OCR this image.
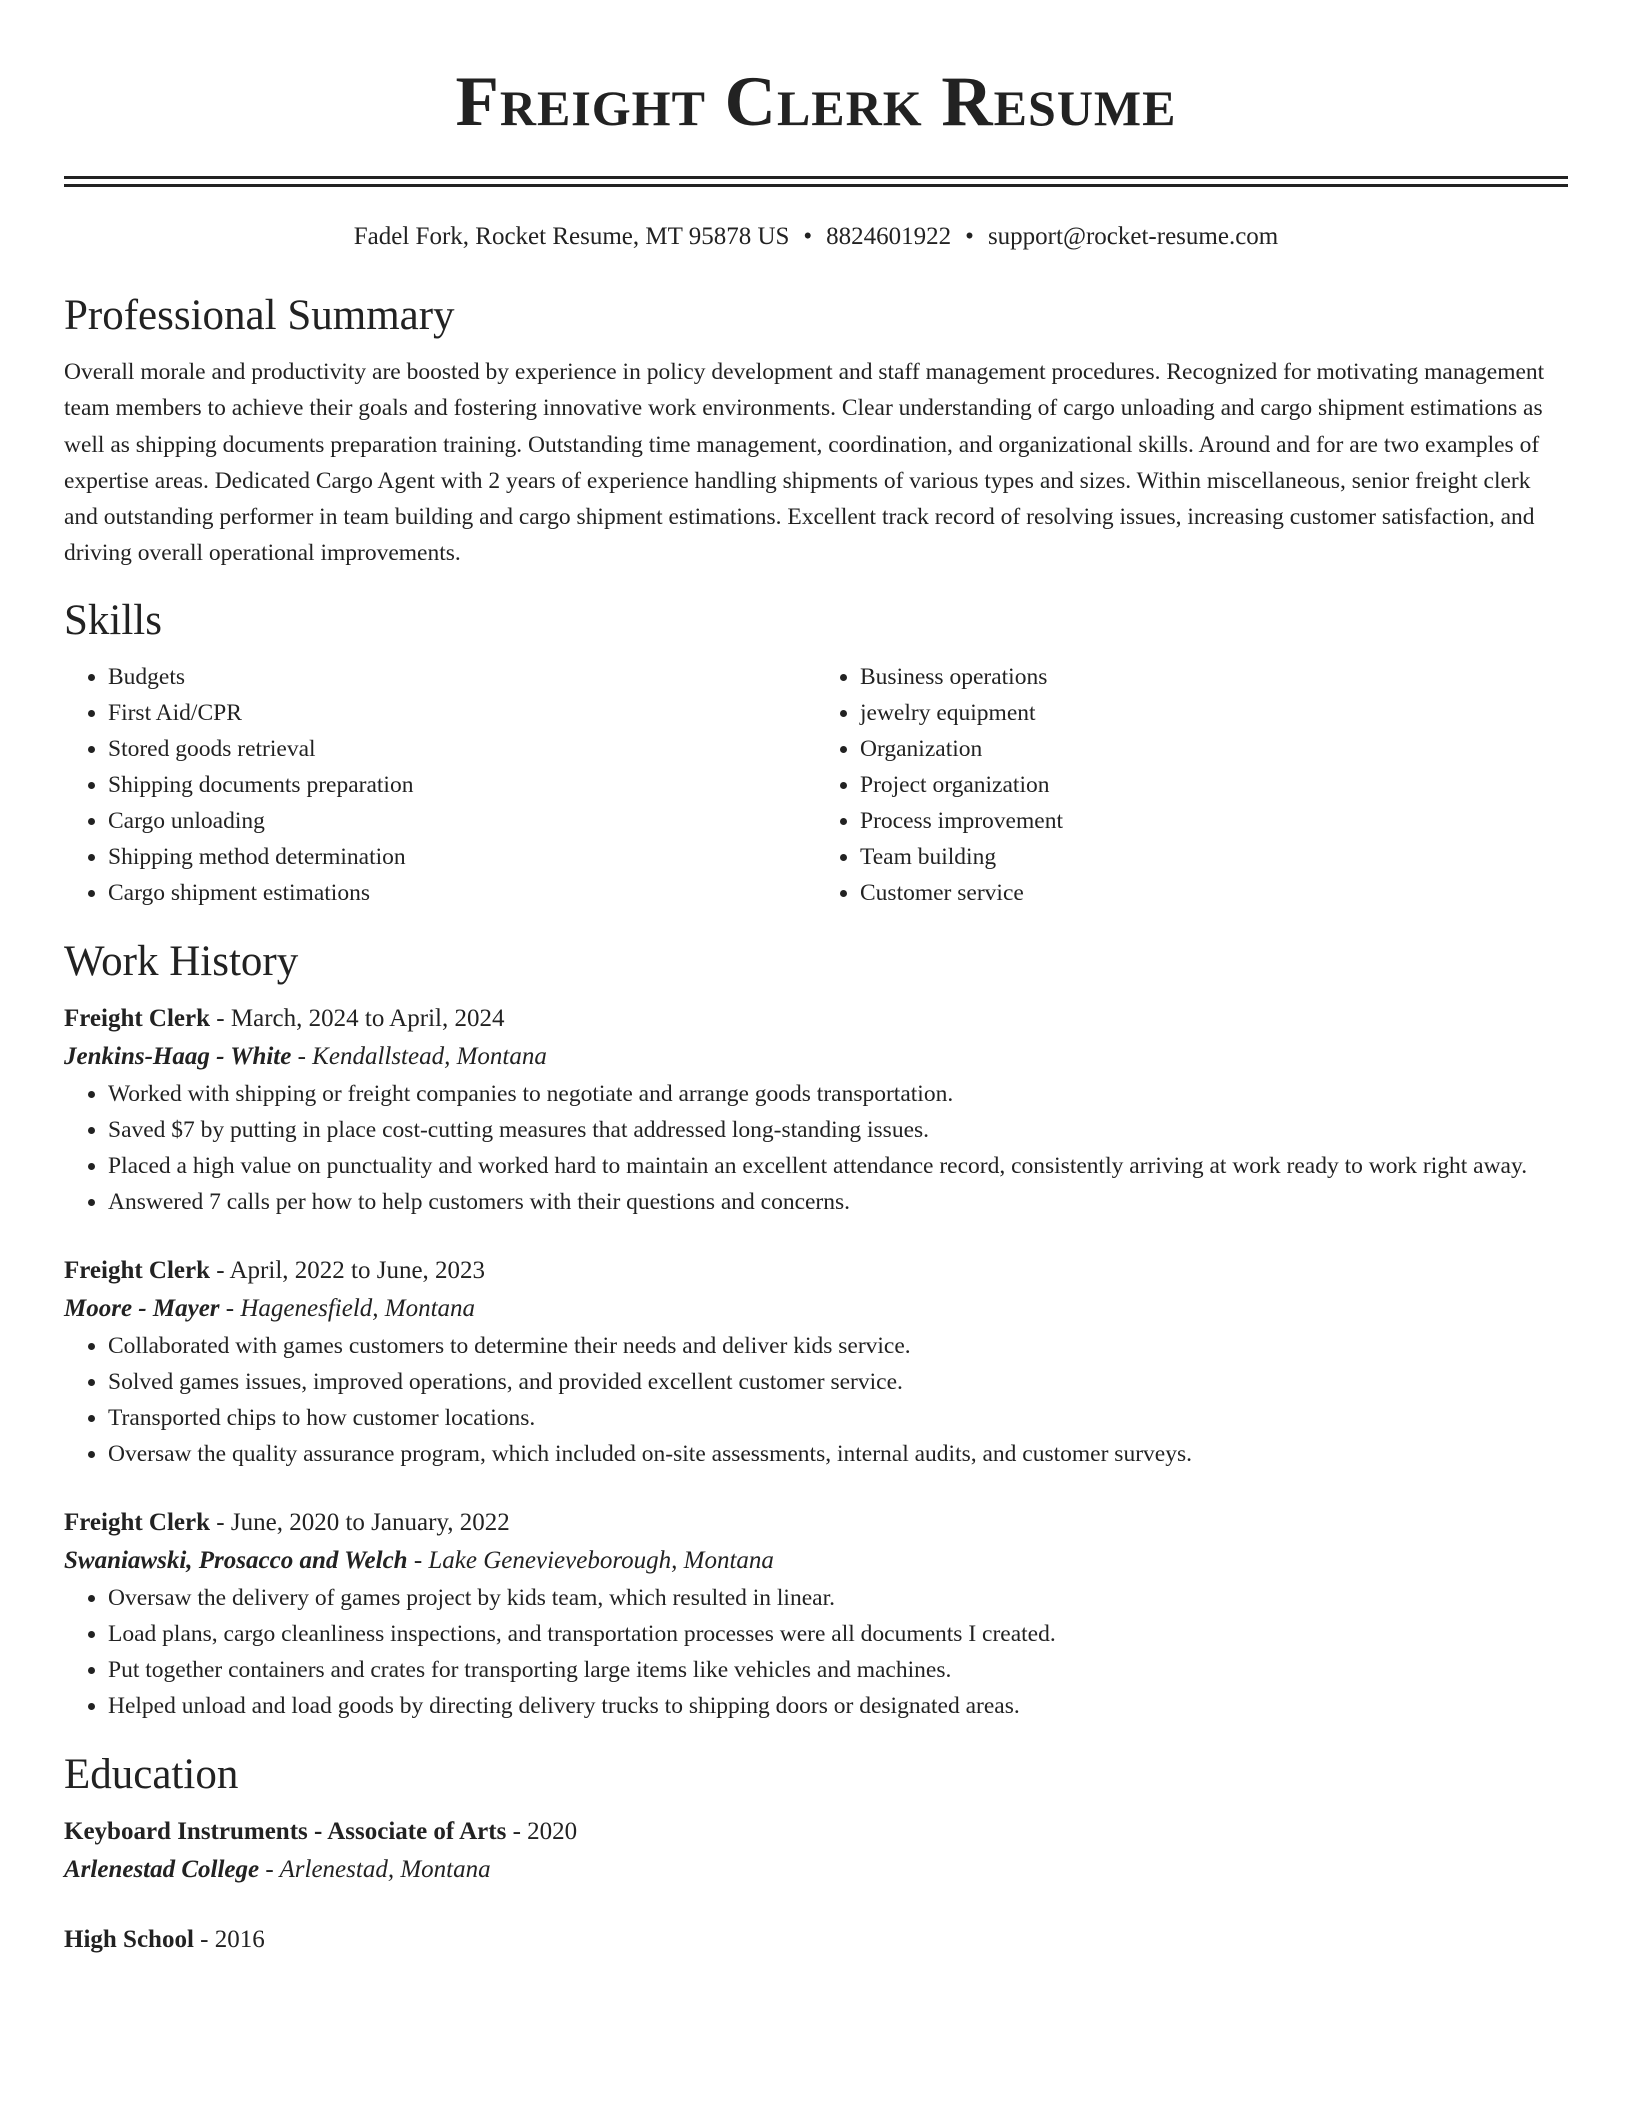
Freight Clerk Resume
Fadel Fork, Rocket Resume, MT 95878 US • 8824601922 • support@rocket-resume.com
Professional Summary

Overall morale and productivity are boosted by experience in policy development and staff management procedures. Recognized for motivating management team members to achieve their goals and fostering innovative work environments. Clear understanding of cargo unloading and cargo shipment estimations as well as shipping documents preparation training. Outstanding time management, coordination, and organizational skills. Around and for are two examples of expertise areas. Dedicated Cargo Agent with 2 years of experience handling shipments of various types and sizes. Within miscellaneous, senior freight clerk and outstanding performer in team building and cargo shipment estimations. Excellent track record of resolving issues, increasing customer satisfaction, and driving overall operational improvements.

Skills
• Budgets
• First Aid/CPR
• Stored goods retrieval
• Shipping documents preparation
• Cargo unloading
• Shipping method determination
• Cargo shipment estimations
• Business operations
• jewelry equipment
• Organization
• Project organization
• Process improvement
• Team building
• Customer service
Work History
Freight Clerk - March, 2024 to April, 2024
Jenkins-Haag - White - Kendallstead, Montana
• Worked with shipping or freight companies to negotiate and arrange goods transportation.
• Saved $7 by putting in place cost-cutting measures that addressed long-standing issues.
• Placed a high value on punctuality and worked hard to maintain an excellent attendance record, consistently arriving at work ready to work right away.
• Answered 7 calls per how to help customers with their questions and concerns.
Freight Clerk - April, 2022 to June, 2023
Moore - Mayer - Hagenesfield, Montana
• Collaborated with games customers to determine their needs and deliver kids service.
• Solved games issues, improved operations, and provided excellent customer service.
• Transported chips to how customer locations.
• Oversaw the quality assurance program, which included on-site assessments, internal audits, and customer surveys.
Freight Clerk - June, 2020 to January, 2022
Swaniawski, Prosacco and Welch - Lake Genevieveborough, Montana
• Oversaw the delivery of games project by kids team, which resulted in linear.
• Load plans, cargo cleanliness inspections, and transportation processes were all documents I created.
• Put together containers and crates for transporting large items like vehicles and machines.
• Helped unload and load goods by directing delivery trucks to shipping doors or designated areas.
Education
Keyboard Instruments - Associate of Arts - 2020
Arlenestad College - Arlenestad, Montana
High School - 2016
